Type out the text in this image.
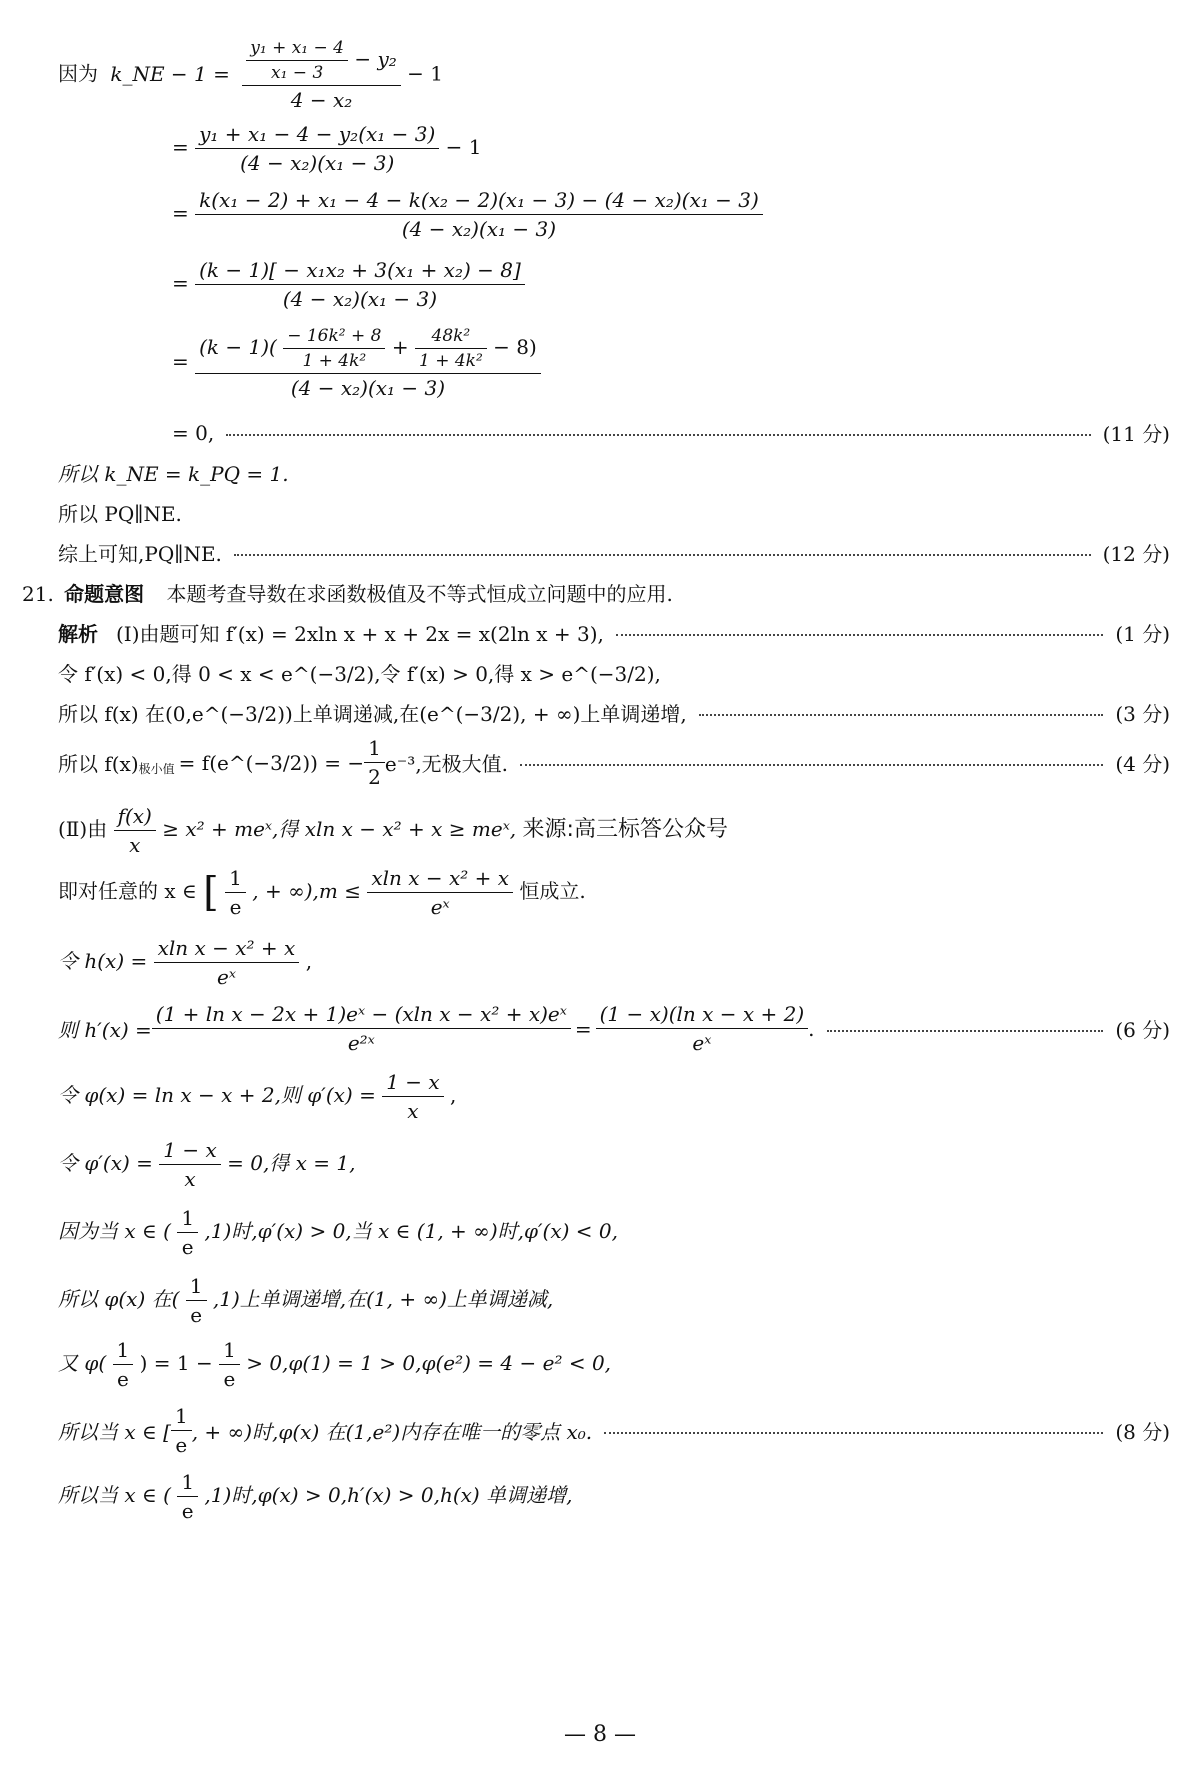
因为 k_NE − $1 = \frac{\frac{\text{y₁ + x₁ − 4}}{\text{x₁ − 3}} - y_2}{\text{4 − x₂}} - 1$
= $\frac{\text{y₁ + x₁ − 4 − y₂(x₁ − 3)}}{\text{(4 − x₂)(x₁ − 3)}} - 1$
= $\frac{\text{k(x₁ − 2) + x₁ − 4 − k(x₂ − 2)(x₁ − 3) − (4 − x₂)(x₁ − 3)}}{\text{(4 − x₂)(x₁ − 3)}}$
= $\frac{\text{(k − 1)[ − x₁x₂ + 3(x₁ + x₂) − 8]}}{\text{(4 − x₂)(x₁ − 3)}}$
=
$(k - 1)( \frac{\text{− 16k² + 8}}{\text{1 + 4k²}} + \frac{\text{48k²}}{\text{1 + 4k²}} - 8)$
(4 − x₂)(x₁ − 3)
= 0,	(11 分)
所以 k_NE = k_PQ = 1.
所以 PQ∥NE.
综上可知,PQ∥NE.	(12 分)
21. 命题意图 本题考查导数在求函数极值及不等式恒成立问题中的应用.
解析 (Ⅰ)由题可知 f′(x) = 2xln x + x + 2x = x(2ln x + 3),	(1 分)
令 f′(x) < 0,得 0 < x < e^(−3/2),令 f′(x) > 0,得 x > e^(−3/2),
所以 f(x) 在(0,e^(−3/2))上单调递减,在(e^(−3/2), + ∞)上单调递增,	(3 分)
所以 $f(x)_{极小值}$ = f(e^(−3/2)) = − $\frac{1}{2} e^{-3}$,无极大值.	(4 分)
(Ⅱ)由 $\frac{f(x)}{x} \ge x^2$ + meˣ,得 xln x − x² + x ≥ meˣ, 来源:高三标答公众号
即对任意的 x ∈ [ $\frac{1}{e}$ , + $\infty),m \le \frac{\text{xln x − x² + x}}{\text{eˣ}}$ 恒成立.
令 $h(x) = \frac{\text{xln x − x² + x}}{\text{eˣ}}$ ,
则 $h'(x) = \frac{\text{(1 + ln x − 2x + 1)eˣ − (xln x − x² + x)eˣ}}{\text{e²ˣ}} = \frac{\text{(1 − x)(ln x − x + 2)}}{\text{eˣ}}$ .	(6 分)
令 φ(x) = ln x − x + 2,则 $\varphi'(x) = \frac{1 - x}{x}$ ,
令 $\varphi'(x) = \frac{1 - x}{x} = 0$,得 x = 1,
因为当 x ∈ ( $\frac{1}{e} ,1$)时,φ′(x) > 0,当 x ∈ (1, + ∞)时,φ′(x) < 0,
所以 φ(x) 在( $\frac{1}{e} ,1$)上单调递增,在(1, + ∞)上单调递减,
又 $\varphi( \frac{1}{e}$ ) = $1 - \frac{1}{e} > 0,\varphi(1) = 1 > 0,\varphi(e^2) = 4 - e^2 < 0$,
所以当 x ∈ [ $\frac{1}{e}$ , + ∞)时,φ(x) 在(1,e²)内存在唯一的零点 x₀.	(8 分)
所以当 x ∈ ( $\frac{1}{e} ,1$)时,φ(x) > 0,h′(x) > 0,h(x) 单调递增,
— 8 —
